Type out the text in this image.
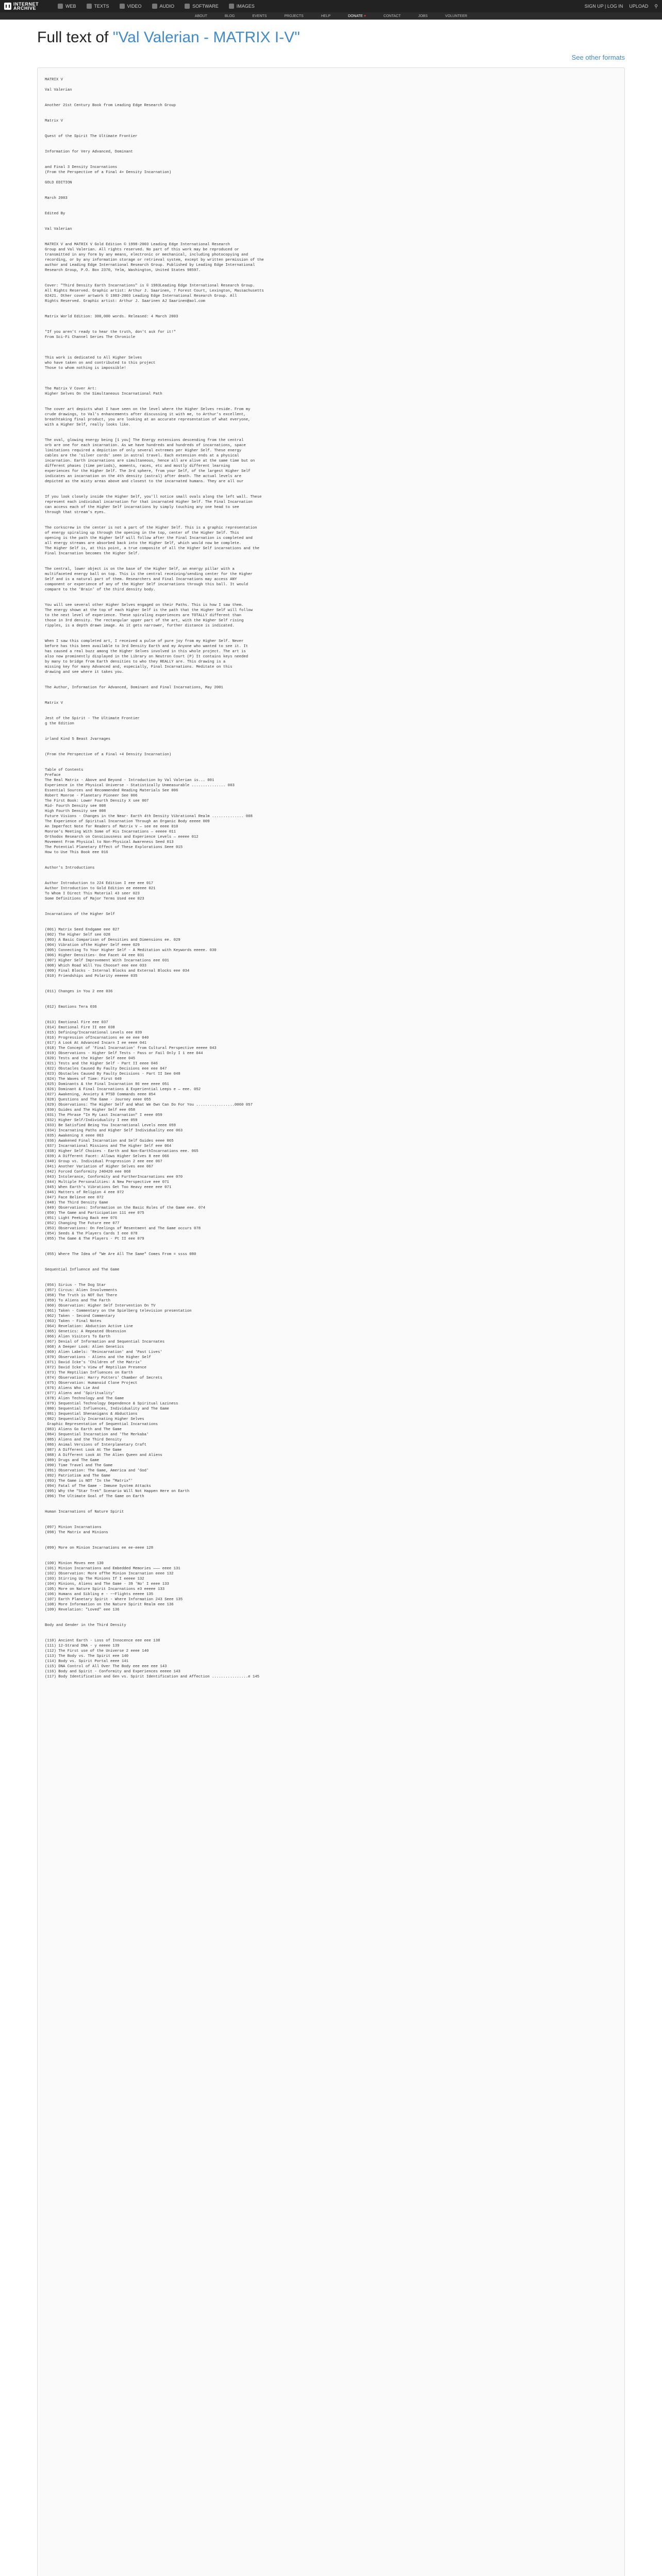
INTERNET
ARCHIVE	WEB	TEXTS	VIDEO	AUDIO	SOFTWARE	IMAGES	SIGN UP | LOG IN UPLOAD ⚲
ABOUT	BLOG	EVENTS	PROJECTS	HELP	DONATE ♥	CONTACT	JOBS	VOLUNTEER
Full text of "Val Valerian - MATRIX I-V"
See other formats
MATRIX V

Val Valerian

Another 21st Century Book from Leading Edge Research Group

Matrix V

Quest of the Spirit The Ultimate Frontier

Information for Very Advanced, Dominant

and Final 3 Density Incarnations
(From the Perspective of a Final 4+ Density Incarnation)

GOLD EDITION

March 2003

Edited By

Val Valerian

MATRIX V and MATRIX V Gold Edition © 1998-2003 Leading Edge International Research
Group and Val Valerian. All rights reserved. No part of this work may be reproduced or
transmitted in any form by any means, electronic or mechanical, including photocopying and
recording, or by any information storage or retrieval system, except by written permission of the
author and Leading Edge International Research Group. Published by Leading Edge International
Research Group, P.O. Box 2370, Yelm, Washington, United States 98597.

Cover: "Third Density Earth Incarnations" is © 1983Leading Edge International Research Group.
All Rights Reserved. Graphic artist: Arthur J. Saarinen, 7 Forest Court, Lexington, Massachusetts
02421. Other cover artwork © 1983-2003 Leading Edge International Research Group. All
Rights Reserved. Graphic artist: Arthur J. Saarinen AJ Saarinen@aol.com

Matrix World Edition: 300,000 words. Released: 4 March 2003

"If you aren't ready to hear the truth, don't ask for it!"
From Sci-Fi Channel Series The Chronicle

This work is dedicated to All Higher Selves
who have taken on and contributed to this project
Those to whom nothing is impossible!

The Matrix V Cover Art:
Higher Selves On the Simultaneous Incarnational Path

The cover art depicts what I have seen on the level where the Higher Selves reside. From my
crude drawings, to Val's enhancements after discussing it with me, to Arthur's excellent,
breathtaking final product, you are looking at an accurate representation of what everyone,
with a Higher Self, really looks like.

The oval, glowing energy being [1 you] The Energy extensions descending from the central
orb are one for each incarnation. As we have hundreds and hundreds of incarnations, space
limitations required a depiction of only several extremes per Higher Self. These energy
cables are the 'silver cords' seen in astral travel. Each extension ends at a physical
incarnation. Earth incarnations are simultaneous, hence all are alive at the same time but on
different phases (time periods), moments, races, etc and mostly different learning
experiences for the Higher Self. The 3rd sphere, from your Self, of the largest Higher Self
indicates an incarnation on the 4th density (astral) after death. The actual levels are
depicted as the misty areas above and closest to the incarnated humans. They are all our

If you look closely inside the Higher Self, you'll notice small ovals along the left wall. These
represent each individual incarnation for that incarnated Higher Self. The Final Incarnation
can access each of the Higher Self incarnations by simply touching any one head to see
through that stream's eyes.

The corkscrew in the center is not a part of the Higher Self. This is a graphic representation
of energy spiraling up through the opening in the top, center of the Higher Self. This
opening is the path the Higher Self will follow after the Final Incarnation is completed and
all energy streams are absorbed back into the Higher Self, which would now be complete.
The Higher Self is, at this point, a true composite of all the Higher Self incarnations and the
Final Incarnation becomes the Higher Self.

The central, lower object is on the base of the Higher Self, an energy pillar with a
multifaceted energy ball on top. This is the central receiving/sending center for the Higher
Self and is a natural part of them. Researchers and Final Incarnations may access ANY
component or experience of any of the Higher Self incarnations through this ball. It would
compare to the 'Brain' of the third density body.

You will see several other Higher Selves engaged on their Paths. This is how I saw them.
The energy shown at the top of each Higher Self is the path that the Higher Self will follow
to the next level of experience. These spiraling experiences are TOTALLY different than
those in 3rd density. The rectangular upper part of the art, with the Higher Self rising
ripples, is a depth drawn image. As it gets narrower, further distance is indicated.

When I saw this completed art, I received a pulse of pure joy from my Higher Self. Never
before has this been available to 3rd Density Earth and my Anyone who wanted to see it. It
has caused a real buzz among the Higher Selves involved in this whole project. The art is
also now prominently displayed in the Library on Neutron Court (P) It contains keys needed
by many to bridge from Earth densities to who they REALLY are. This drawing is a
missing key for many Advanced and, especially, Final Incarnations. Meditate on this
drawing and see where it takes you.

The Author, Information for Advanced, Dominant and Final Incarnations, May 2001

Matrix V

Jest of the Spirit - The Ultimate Frontier
g the Edition

irland Kind 5 Beast Jvarnages

(From the Perspective of a Final +4 Density Incarnation)

Table of Contents
Preface
The Real Matrix - Above and Beyond - Introduction by Val Valerian is... 001
Experience in the Physical Universe - Statistically Unmeasurable ............... 003
Essential Sources and Recommended Reading Materials See 006
Robert Monroe - Planetary Pioneer See 006
The First Book: Lower Fourth Density X see 007
Mid- Fourth Density see 008
High Fourth Density see 008
Future Visions - Changes in the Near- Earth 4th Density Vibrational Realm .............. 008
The Experience of Spiritual Incarnation Through an Organic Body eeeee 009
An Imperfect Note for Readers of Matrix V — see ee eeee 010
Monroe's Meeting With Some of His Incarnations — eeeee 011
Orthodox Research on Consciousness and Experience Levels — eeeee 012
Movement From Physical to Non-Physical Awareness Seed 013
The Potential Planetary Effect of These Explorations Seee 015
How to Use This Book eee 016

Author's Introductions

Author Introduction to 224 Edition I eee eee 017
Author Introduction to Gold Edition ee eeeeee 021
To Whom I Direct This Material 43 seer 023
Some Definitions of Major Terms Used eee 023

Incarnations of the Higher Self

(001) Matrix Seed Endgame eee 027
(002) The Higher Self see 028
(003) A Basic Comparison of Densities and Dimensions ee. 029
(004) Vibration ofthe Higher Self eeee 029
(005) Connecting To Your Higher Self - A Meditation with Keywords eeeee. 030
(006) Higher Densities- One Facet 44 eee 031
(007) Higher Self Improvement With Incarnations eee 031
(008) Which Road Will You Choose? eee eee 033
(009) Final Blocks - Internal Blocks and External Blocks eee 034
(010) Friendships and Polarity eeeeee 035

(011) Changes in You 2 eee 036

(012) Emotions Tera 036

(013) Emotional Fire eee 037
(014) Emotional Fire II eee 038
(015) Defining/Incarnational Levels eee 039
(016) Progression ofIncarnations ee ee eee 040
(017) A Look At Advanced Incarn I ee eeee 041
(018) The Concept of 'Final Incarnation' from Cultural Perspective eeeee 043
(019) Observations - Higher Self Tests - Pass or Fail Only I 1 eee 044
(020) Tests and the Higher Self eeee 045
(021) Tests and the Higher Self - Part II eeee 046
(022) Obstacles Caused By Faulty Decisions eee eee 047
(023) Obstacles Caused By Faulty Decisions - Part II See 048
(024) The Waves of Time: First 049
(025) Dominants & the Final Incarnation 86 eee eeee 051
(026) Dominant & Final Incarnations & Experiential Leeps e — eee. 052
(027) Awakening, Anxiety & PTSD Commands eeee 054
(028) Questions and The Game - Journey eeee 055
(029) Observations: The Higher Self and What We Own Can Do For You .................0060 057
(030) Guides and The Higher Self eee 058
(031) The Phrase "In My Last Incarnation" I eeee 059
(032) Higher Self/Individuality I eee 059
(033) Be Satisfied Being You Incarnational Levels eeee 059
(034) Incarnating Paths and Higher Self Individuality eee 063
(035) Awakening X eeee 063
(036) Awakened Final Incarnation and Self Guides eeee 065
(037) Incarnational Missions and The Higher Self eee 064
(038) Higher Self Choices - Earth and Non-EarthIncarnations eee. 065
(039) A Different Facet: Allows Higher Selves 8 eee 066
(040) Group vs. Individual Progression 2 eee eee 067
(041) Another Variation of Higher Selves eee 067
(042) Forced Conformity 240420 eee 068
(043) Intolerance, Conformity and FurtherIncarnations eee 070
(044) Multiple Personalities: A New Perspective eee 071
(045) When Earth's Vibrations Get Too Heavy eeee eee 071
(046) Matters of Religion 4 eee 072
(047) Face Believe eee 072
(048) The Third Density Game
(049) Observations: Information on the Basic Rules of the Game eee. 074
(050) The Game and Participation 111 eee 075
(051) Light Peeking Back eee 076
(052) Changing The Future eee 077
(053) Observations: On Feelings of Resentment and The Game occurs 078
(054) Seeds & The Players Cards I eee 078
(055) The Game & The Players - Pt II eee 079

(055) Where The Idea of "We Are All The Same" Comes From = ssss 080

Sequential Influence and The Game

(056) Sirius - The Dog Star
(057) Circus: Alien Involvements
(058) The Truth is NOT Out There
(059) To Aliens and The Farth
(060) Observation: Higher Self Intervention On TV
(061) Taken - Commentary on the Spielberg television presentation
(062) Taken - Second Commentary
(063) Taken - Final Notes
(064) Revelation: Abduction Active Line
(065) Genetics: A Repeated Obsession
(066) Alien Visitors To Earth
(067) Denial of Information and Sequential Incarnates
(068) A Deeper Look: Alien Genetics
(069) Alien Labels: 'Reincarnation' and 'Past Lives'
(070) Observations - Aliens and the Higher Self
(071) David Icke's 'Children of the Matrix'
(072) David Icke's View of Reptilian Presence
(073) The Reptilian Influences on Earth
(074) Observation: Harry Potters' Chamber of Secrets
(075) Observation: Humanoid Clone Project
(076) Aliens Who Lie And
(077) Aliens and 'Spirituality'
(078) Alien Technology and The Game
(079) Sequential Technology Dependence & Spiritual Laziness
(080) Sequential Influences, Individuality and The Game
(081) Sequential Shenanigans & Abductions
(082) Sequentially Incarnating Higher Selves
Graphic Representation of Sequential Incarnations
(083) Aliens Go Earth and The Game
(084) Sequential Incarnation and 'The Merkaba'
(085) Aliens and the Third Density
(086) Animal Versions of Interplanetary Craft
(087) A Different Look At The Game
(088) A Different Look At The Alien Queen and Aliens
(089) Drugs and The Game
(090) Time Travel and The Game
(091) Observation: The Game, America and 'God'
(092) Patriotism and The Game
(093) The Game is NOT 'In the "Matrix"'
(094) Fatal of The Game - Immune System Attacks
(095) Why the "Star Trek" Scenario Will Not Happen Here on Earth
(096) The Ultimate Goal of The Game on Earth

Human Incarnations of Nature Spirit

(097) Minion Incarnations
(098) The Matrix and Minions

(099) More on Minion Incarnations ee ee-eeee 128

(100) Minion Moves eee 130
(101) Minion Incarnations and Embedded Memories ——— eeee 131
(102) Observation: More ofThe Minion Incarnation eeee 132
(103) Stirring Up The Minions If I eeeee 132
(104) Minions, Aliens and The Game - 39 'No' I eeee 133
(105) More on Nature Spirit Incarnations e3 eeeee 133
(106) Humans and Sibling e - ~~Flights eeeee 135
(107) Earth Planetary Spirit - Where Information 243 Seee 135
(108) More Information on the Nature Spirit Realm eee 136
(109) Revelation: "Loved" eee 136

Body and Gender in the Third Density

(110) Ancient Earth - Loss of Innocence eee eee 138
(111) 12-Strand DNA - y eeeee 139
(112) The First use of the Universe 2 eeee 140
(113) The Body vs. The Spirit eee 140
(114) Body vs. Spirit Portal eeee 141
(115) DNA Control of All Over The Body eee eee eee 143
(116) Body and Spirit - Conformity and Experiences eeeee 143
(117) Body Identification and Gen vs. Spirit Identification and Affection ................e 145
